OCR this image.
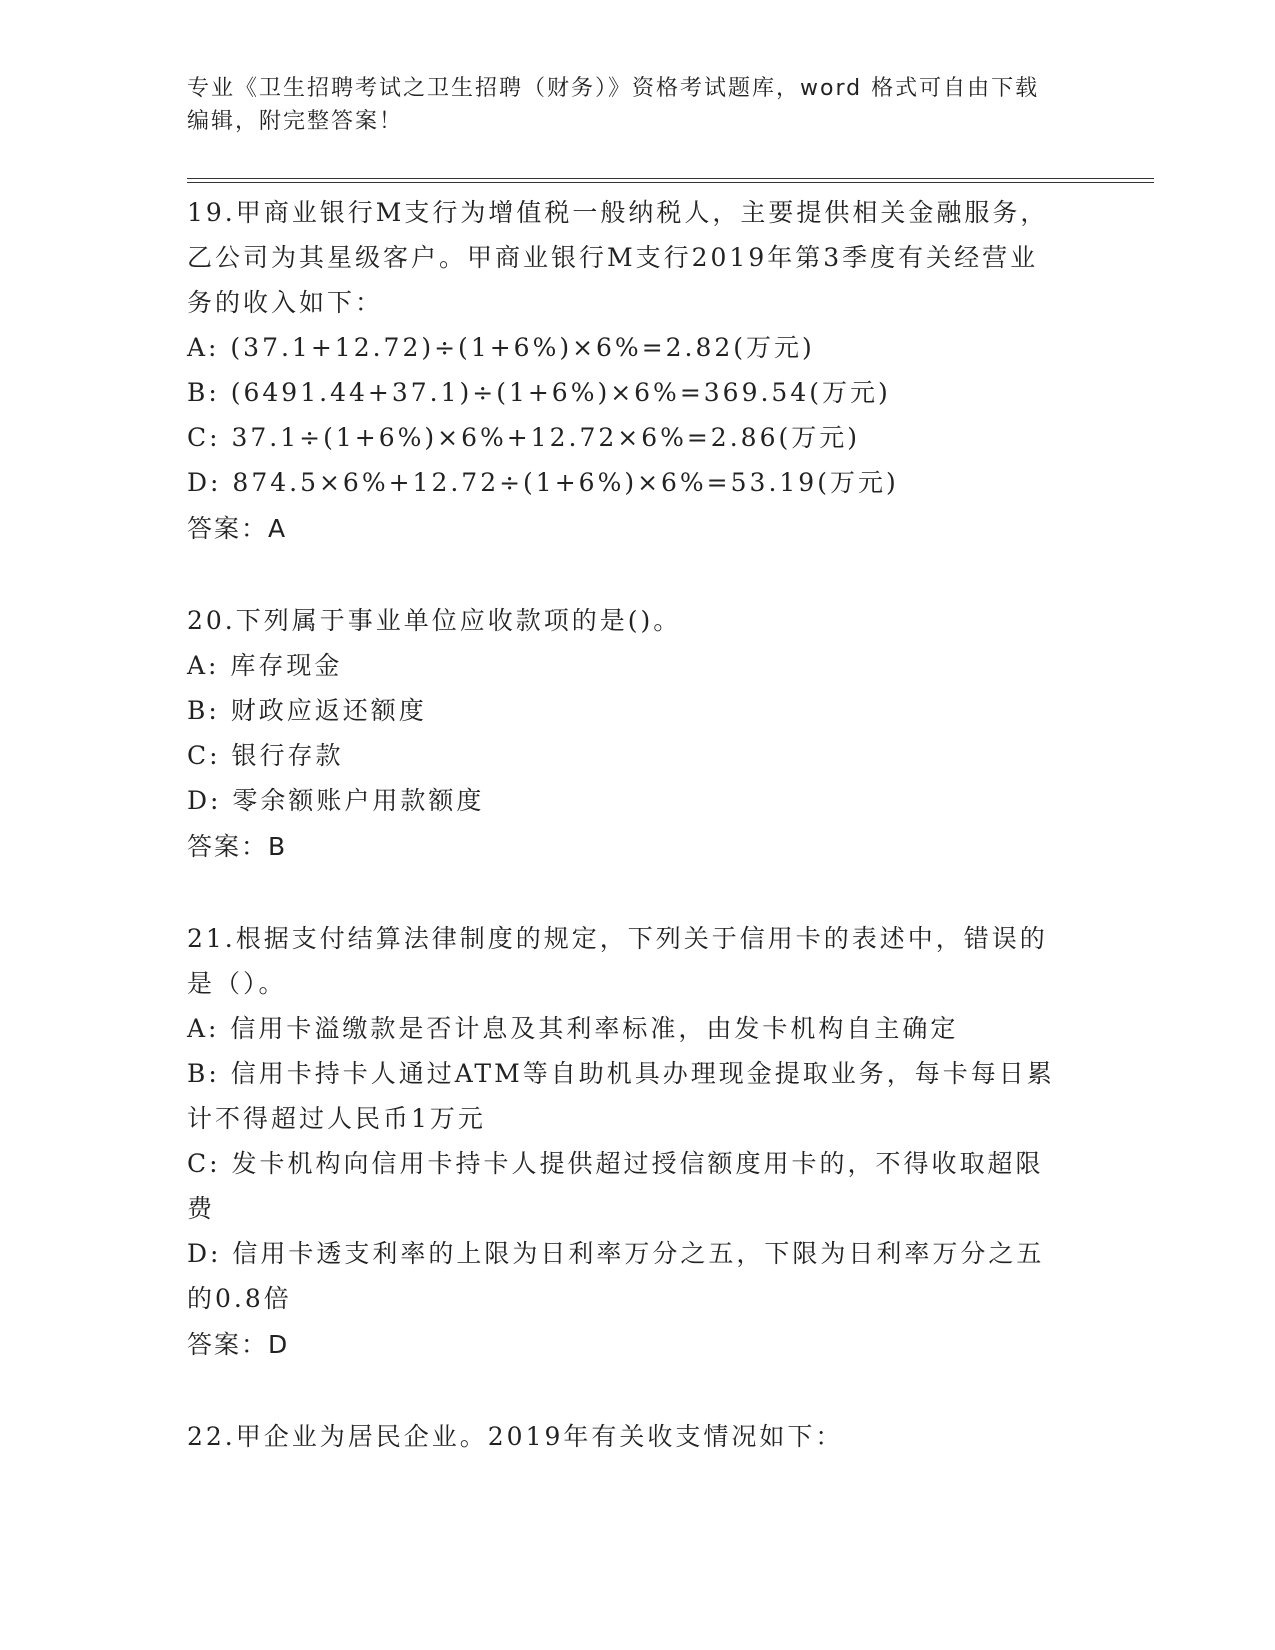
专业《卫生招聘考试之卫生招聘（财务）》资格考试题库，word 格式可自由下载
编辑，附完整答案！
19.甲商业银行M支行为增值税一般纳税人，主要提供相关金融服务，
乙公司为其星级客户。甲商业银行M支行2019年第3季度有关经营业
务的收入如下：
A: (37.1+12.72)÷(1+6%)×6%=2.82(万元)
B: (6491.44+37.1)÷(1+6%)×6%=369.54(万元)
C: 37.1÷(1+6%)×6%+12.72×6%=2.86(万元)
D: 874.5×6%+12.72÷(1+6%)×6%=53.19(万元)
答案：A
20.下列属于事业单位应收款项的是()。
A: 库存现金
B: 财政应返还额度
C: 银行存款
D: 零余额账户用款额度
答案：B
21.根据支付结算法律制度的规定，下列关于信用卡的表述中，错误的
是（）。
A: 信用卡溢缴款是否计息及其利率标准，由发卡机构自主确定
B: 信用卡持卡人通过ATM等自助机具办理现金提取业务，每卡每日累
计不得超过人民币1万元
C: 发卡机构向信用卡持卡人提供超过授信额度用卡的，不得收取超限
费
D: 信用卡透支利率的上限为日利率万分之五，下限为日利率万分之五
的0.8倍
答案：D
22.甲企业为居民企业。2019年有关收支情况如下：
